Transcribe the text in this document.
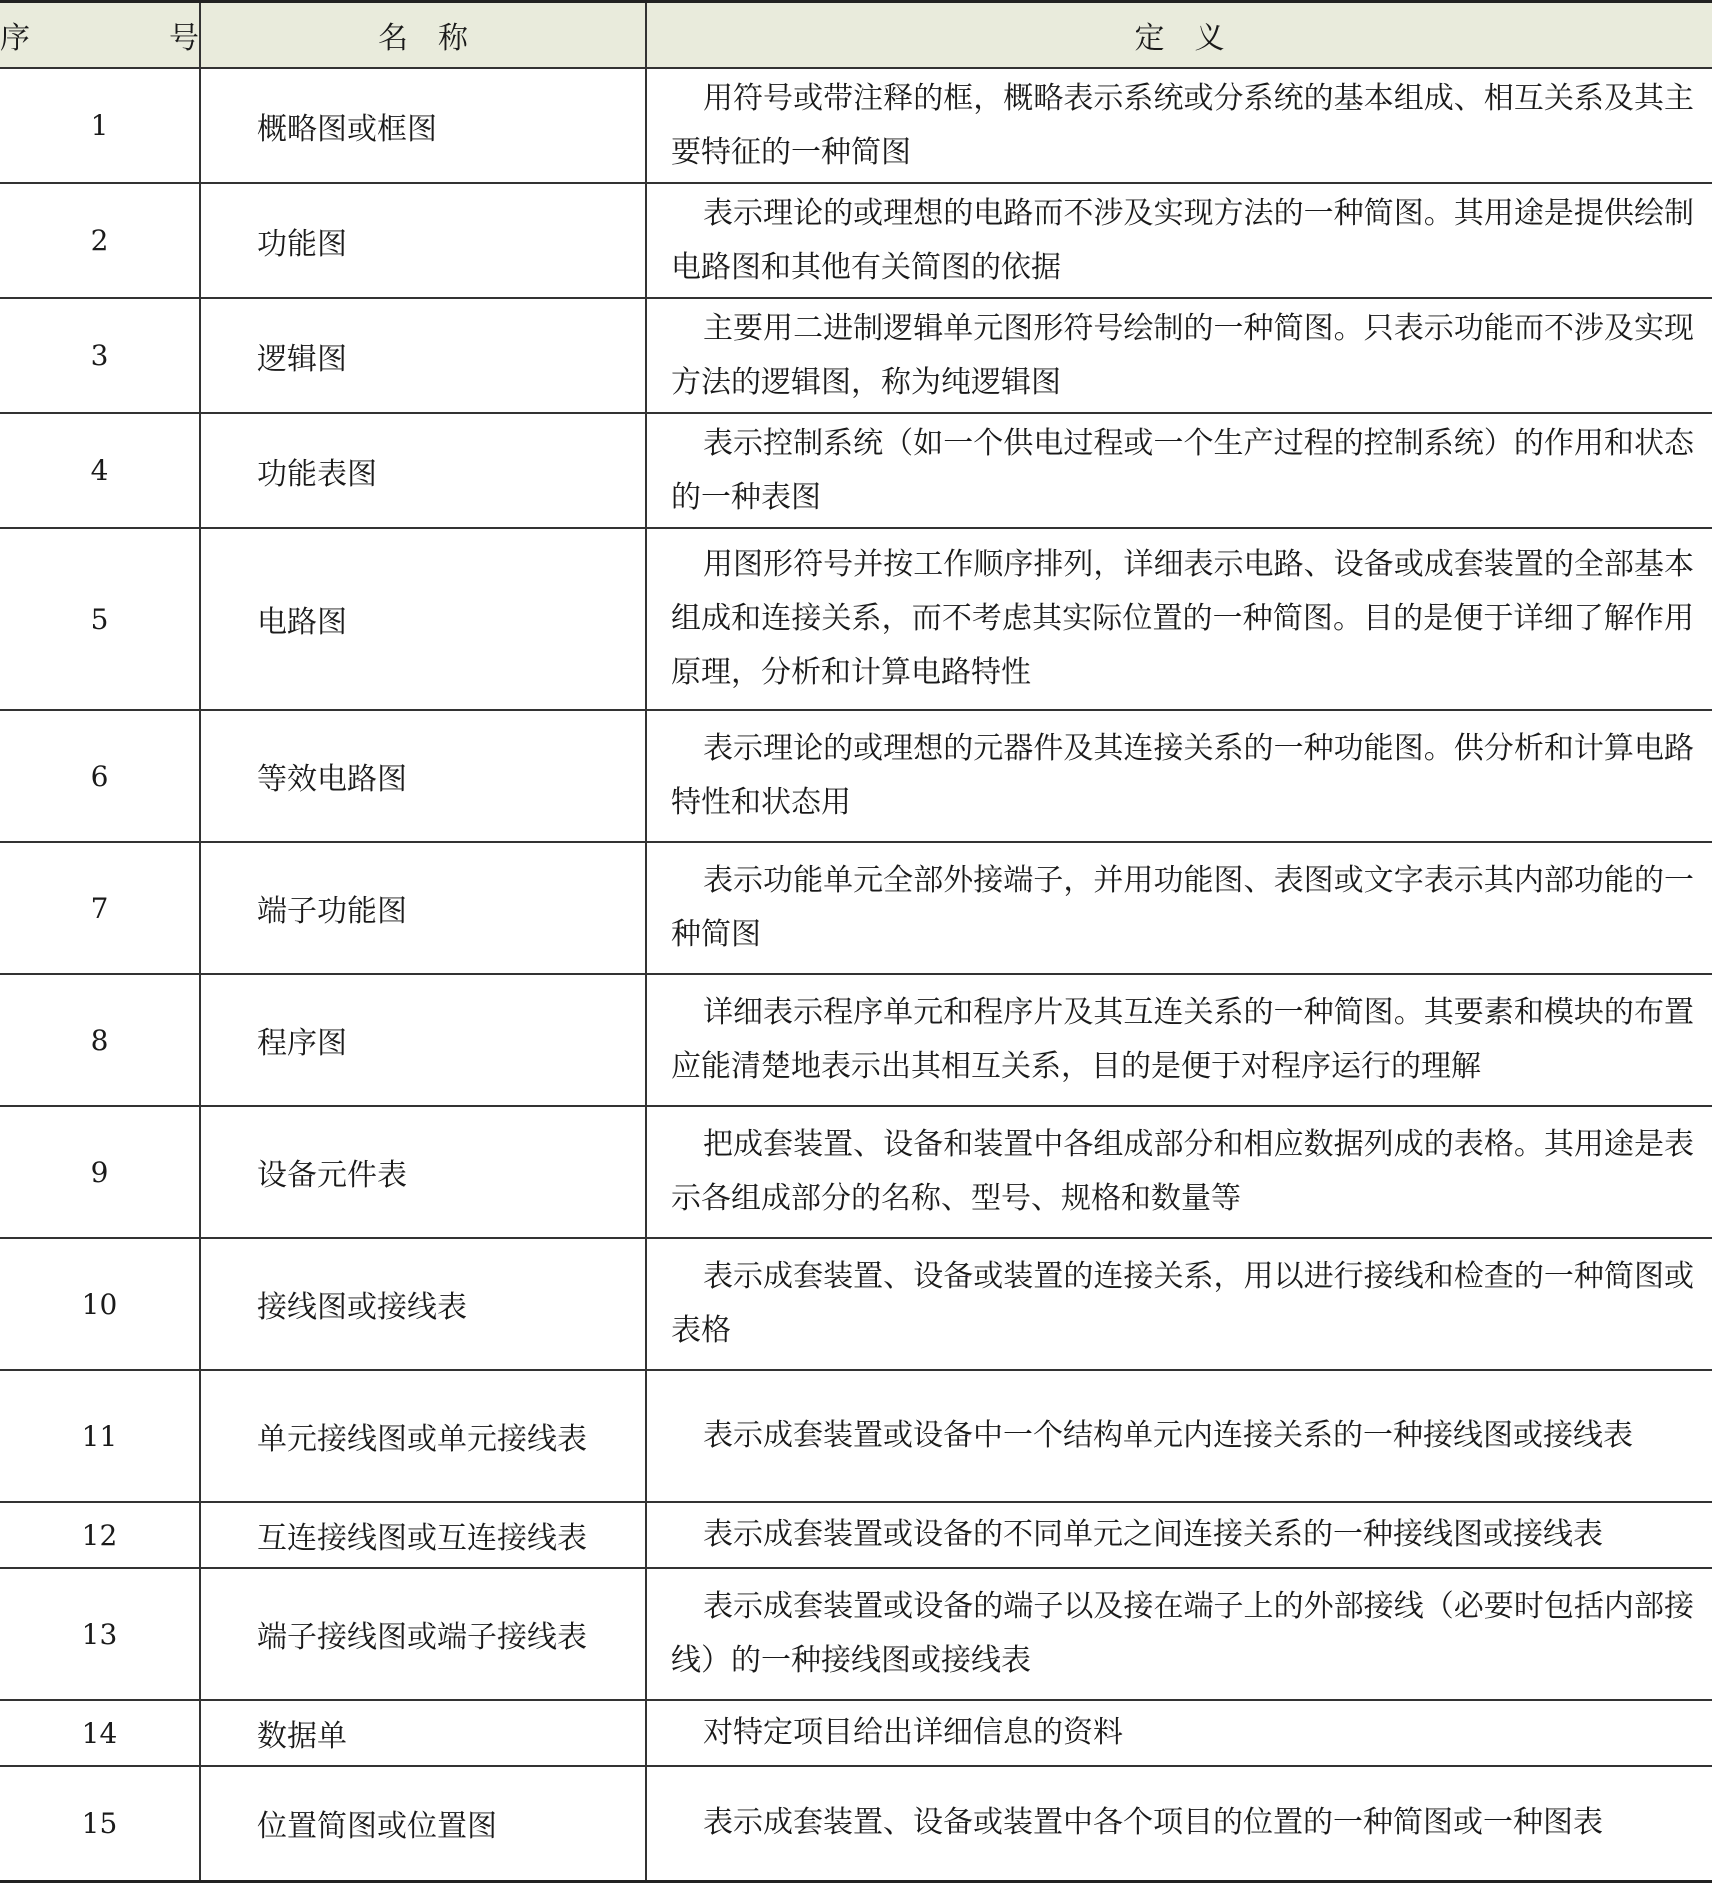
序　号	名　称	定　义
1	概略图或框图	用符号或带注释的框，概略表示系统或分系统的基本组成、相互关系及其主要特征的一种简图

2	功能图	表示理论的或理想的电路而不涉及实现方法的一种简图。其用途是提供绘制电路图和其他有关简图的依据

3	逻辑图	主要用二进制逻辑单元图形符号绘制的一种简图。只表示功能而不涉及实现方法的逻辑图，称为纯逻辑图

4	功能表图	表示控制系统（如一个供电过程或一个生产过程的控制系统）的作用和状态的一种表图

5	电路图	用图形符号并按工作顺序排列，详细表示电路、设备或成套装置的全部基本组成和连接关系，而不考虑其实际位置的一种简图。目的是便于详细了解作用原理，分析和计算电路特性

6	等效电路图	表示理论的或理想的元器件及其连接关系的一种功能图。供分析和计算电路特性和状态用

7	端子功能图	表示功能单元全部外接端子，并用功能图、表图或文字表示其内部功能的一种简图

8	程序图	详细表示程序单元和程序片及其互连关系的一种简图。其要素和模块的布置应能清楚地表示出其相互关系，目的是便于对程序运行的理解

9	设备元件表	把成套装置、设备和装置中各组成部分和相应数据列成的表格。其用途是表示各组成部分的名称、型号、规格和数量等

10	接线图或接线表	表示成套装置、设备或装置的连接关系，用以进行接线和检查的一种简图或表格

11	单元接线图或单元接线表	表示成套装置或设备中一个结构单元内连接关系的一种接线图或接线表

12	互连接线图或互连接线表	表示成套装置或设备的不同单元之间连接关系的一种接线图或接线表

13	端子接线图或端子接线表	表示成套装置或设备的端子以及接在端子上的外部接线（必要时包括内部接线）的一种接线图或接线表

14	数据单	对特定项目给出详细信息的资料

15	位置简图或位置图	表示成套装置、设备或装置中各个项目的位置的一种简图或一种图表
